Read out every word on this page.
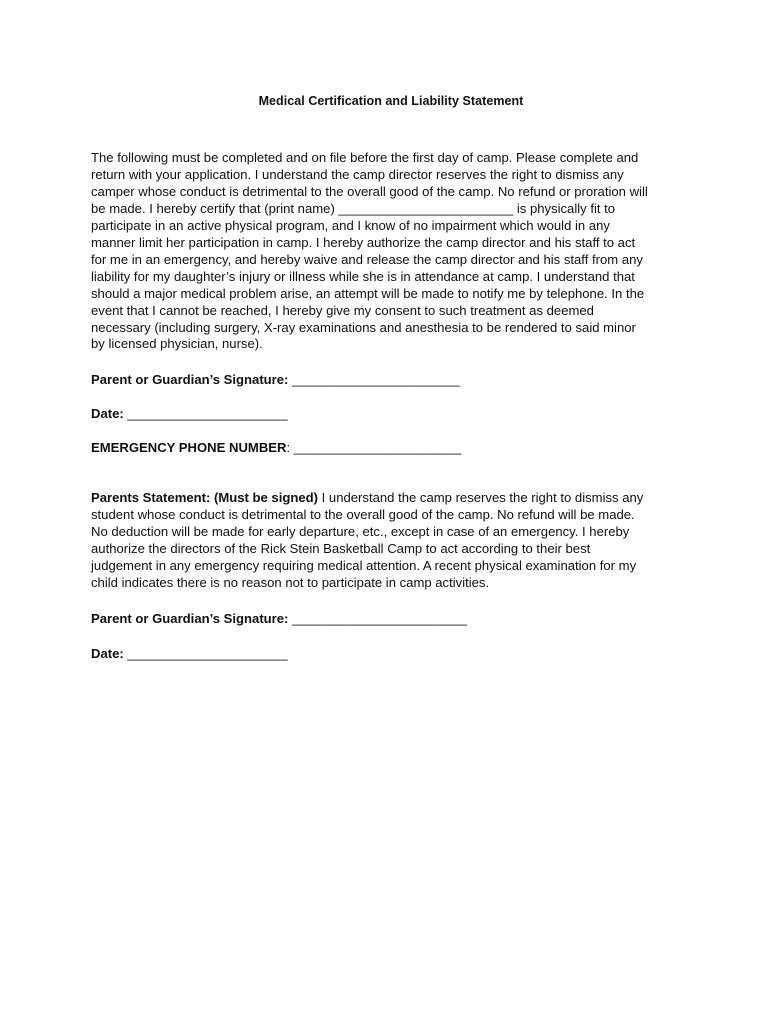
Medical Certification and Liability Statement
The following must be completed and on file before the first day of camp. Please complete and
return with your application. I understand the camp director reserves the right to dismiss any
camper whose conduct is detrimental to the overall good of the camp. No refund or proration will
be made. I hereby certify that (print name) ________________________ is physically fit to
participate in an active physical program, and I know of no impairment which would in any
manner limit her participation in camp. I hereby authorize the camp director and his staff to act
for me in an emergency, and hereby waive and release the camp director and his staff from any
liability for my daughter’s injury or illness while she is in attendance at camp. I understand that
should a major medical problem arise, an attempt will be made to notify me by telephone. In the
event that I cannot be reached, I hereby give my consent to such treatment as deemed
necessary (including surgery, X-ray examinations and anesthesia to be rendered to said minor
by licensed physician, nurse).
Parent or Guardian’s Signature: _______________________
Date: ______________________
EMERGENCY PHONE NUMBER: _______________________
Parents Statement: (Must be signed) I understand the camp reserves the right to dismiss any
student whose conduct is detrimental to the overall good of the camp. No refund will be made.
No deduction will be made for early departure, etc., except in case of an emergency. I hereby
authorize the directors of the Rick Stein Basketball Camp to act according to their best
judgement in any emergency requiring medical attention. A recent physical examination for my
child indicates there is no reason not to participate in camp activities.
Parent or Guardian’s Signature: ________________________
Date: ______________________
